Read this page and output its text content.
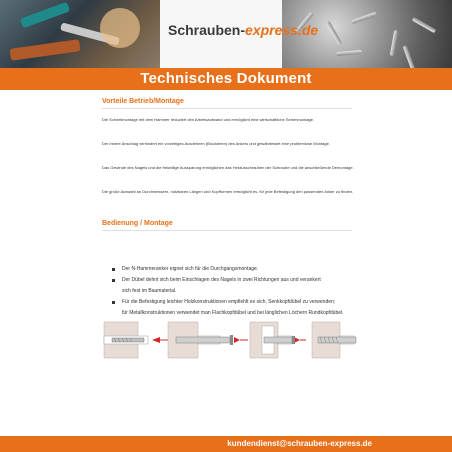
Schrauben-express.de
Technisches Dokument
Vorteile Betrieb/Montage
Die Schnellmontage mit dem Hammer reduziert den Arbeitsaufwand und ermöglicht eine wirtschaftliche Serienmontage.
Der innere Anschlag verhindert ein vorzeitiges Ausdehnen (Blockieren) des Ankers und gewährleistet eine problemlose Montage.
Das Gewinde des Nagels und die freiwillige Aussparung ermöglichen das Herausschrauben der Schraube und die anschließende Demontage.
Die große Auswahl an Durchmessern, nutzbaren Längen und Kopfformen ermöglicht es, für jede Befestigung den passenden Anker zu finden.
Bedienung / Montage
Der N-Hammeranker eignet sich für die Durchgangsmontage.
Der Dübel dehnt sich beim Einschlagen des Nagels in zwei Richtungen aus und verankert
sich fest im Baumaterial.
Für die Befestigung leichter Holzkonstruktionen empfiehlt es sich, Senkkopfdübel zu verwenden;
für Metallkonstruktionen verwendet man Flachkopfdübel und bei länglichen Löchern Rundkopfdübel.
kundendienst@schrauben-express.de
